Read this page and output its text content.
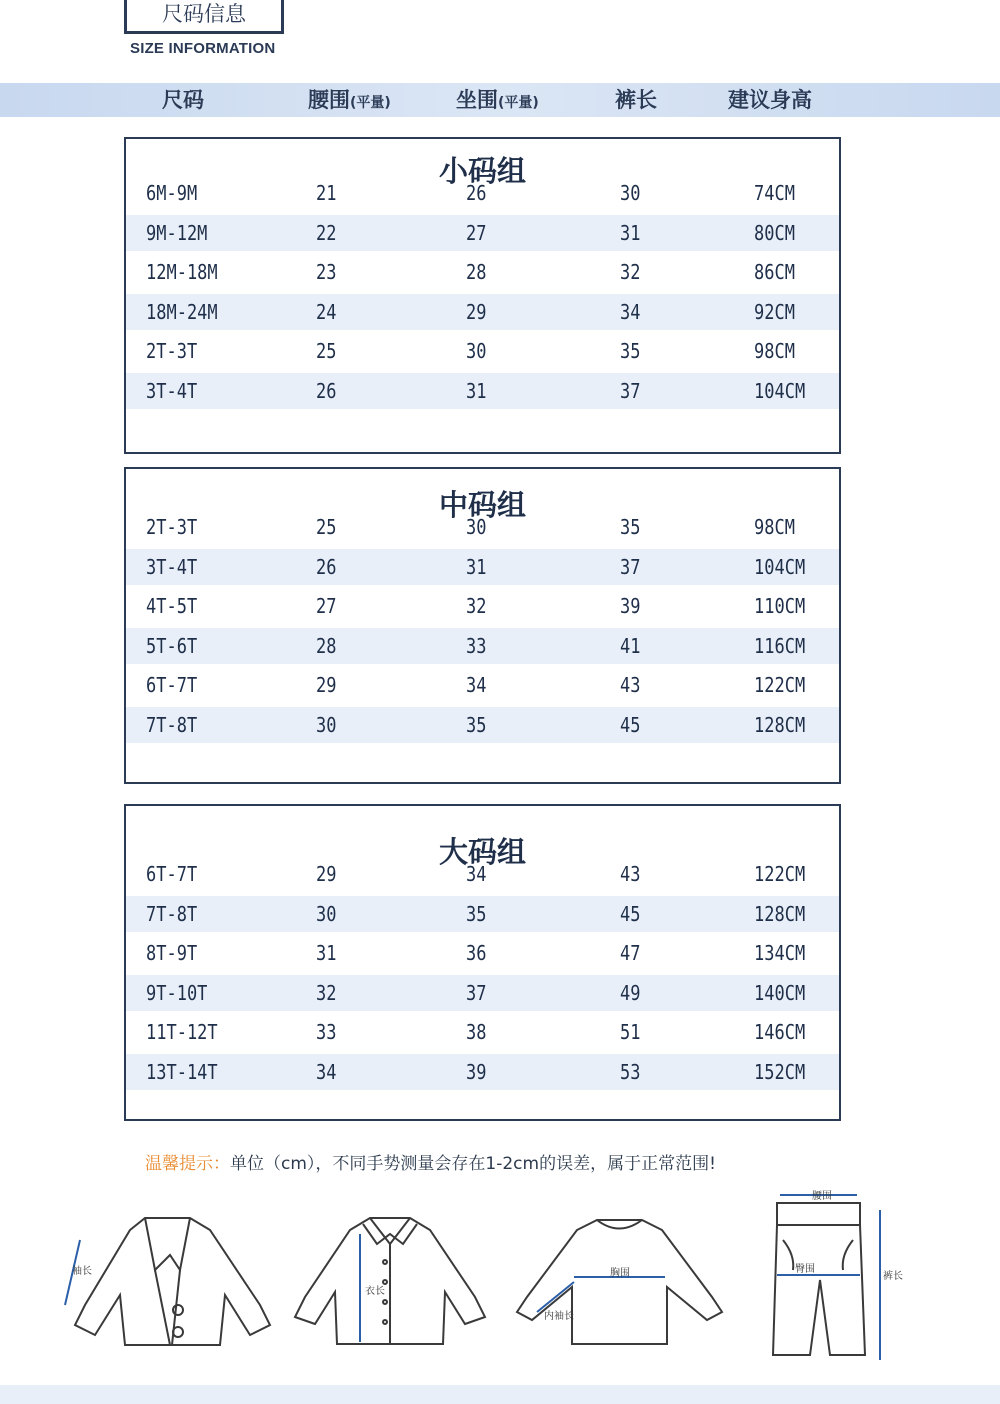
尺码信息
SIZE INFORMATION
尺码	腰围(平量)	坐围(平量)	裤长	建议身高
小码组
6M-9M	21	26	30	74CM
9M-12M	22	27	31	80CM
12M-18M	23	28	32	86CM
18M-24M	24	29	34	92CM
2T-3T	25	30	35	98CM
3T-4T	26	31	37	104CM
中码组
2T-3T	25	30	35	98CM
3T-4T	26	31	37	104CM
4T-5T	27	32	39	110CM
5T-6T	28	33	41	116CM
6T-7T	29	34	43	122CM
7T-8T	30	35	45	128CM
大码组
6T-7T	29	34	43	122CM
7T-8T	30	35	45	128CM
8T-9T	31	36	47	134CM
9T-10T	32	37	49	140CM
11T-12T	33	38	51	146CM
13T-14T	34	39	53	152CM
温馨提示：单位（cm），不同手势测量会存在1-2cm的误差，属于正常范围!
袖长
衣长
胸围
内袖长
腰围
臀围
裤长
